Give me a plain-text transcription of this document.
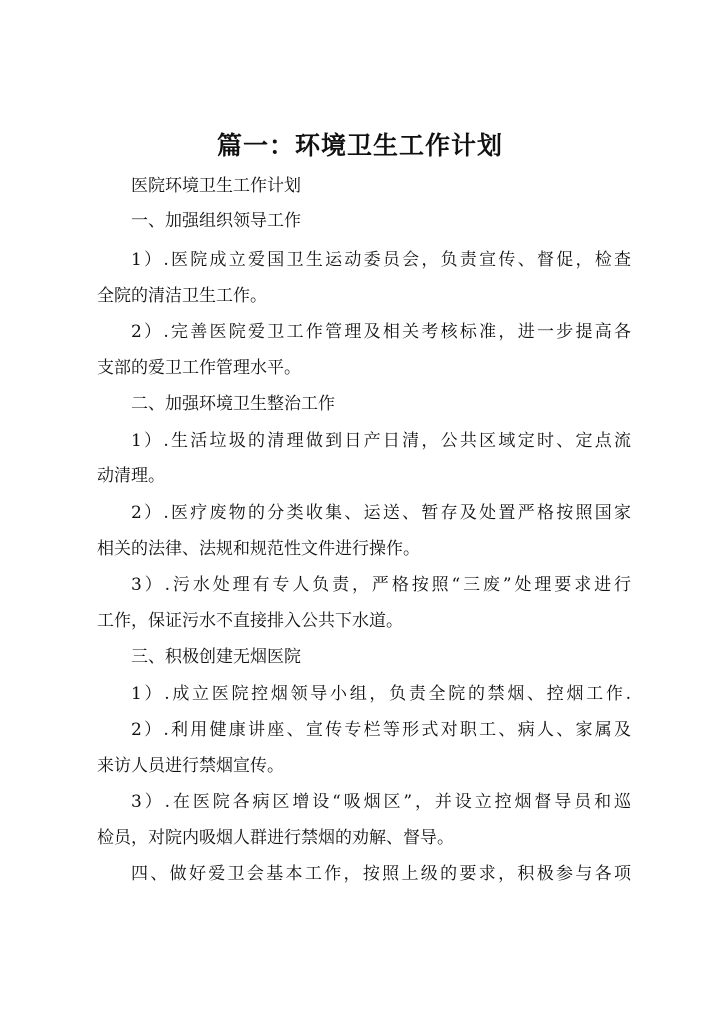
篇一：环境卫生工作计划
医院环境卫生工作计划
一、加强组织领导工作
1）.医院成立爱国卫生运动委员会，负责宣传、督促，检查
全院的清洁卫生工作。
2）.完善医院爱卫工作管理及相关考核标准，进一步提高各
支部的爱卫工作管理水平。
二、加强环境卫生整治工作
1）.生活垃圾的清理做到日产日清，公共区域定时、定点流
动清理。
2）.医疗废物的分类收集、运送、暂存及处置严格按照国家
相关的法律、法规和规范性文件进行操作。
3）.污水处理有专人负责，严格按照“三废”处理要求进行
工作，保证污水不直接排入公共下水道。
三、积极创建无烟医院
1）.成立医院控烟领导小组，负责全院的禁烟、控烟工作.
2）.利用健康讲座、宣传专栏等形式对职工、病人、家属及
来访人员进行禁烟宣传。
3）.在医院各病区增设“吸烟区”，并设立控烟督导员和巡
检员，对院内吸烟人群进行禁烟的劝解、督导。
四、做好爱卫会基本工作，按照上级的要求，积极参与各项
